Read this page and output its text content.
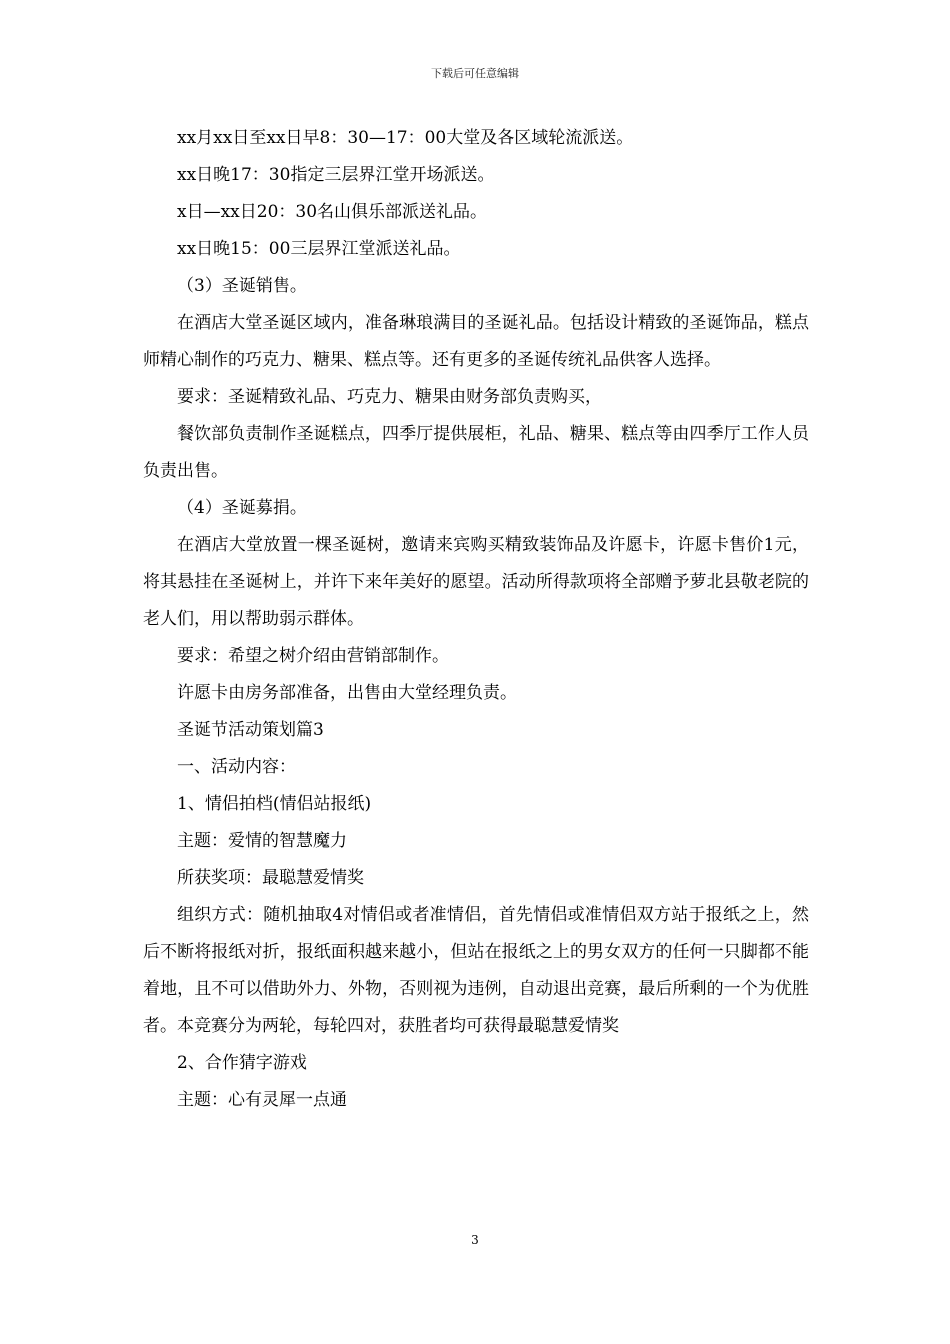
下载后可任意编辑

xx月xx日至xx日早8：30—17：00大堂及各区域轮流派送。

xx日晚17：30指定三层界江堂开场派送。

x日—xx日20：30名山俱乐部派送礼品。

xx日晚15：00三层界江堂派送礼品。

（3）圣诞销售。

在酒店大堂圣诞区域内，准备琳琅满目的圣诞礼品。包括设计精致的圣诞饰品，糕点师精心制作的巧克力、糖果、糕点等。还有更多的圣诞传统礼品供客人选择。

要求：圣诞精致礼品、巧克力、糖果由财务部负责购买，

餐饮部负责制作圣诞糕点，四季厅提供展柜，礼品、糖果、糕点等由四季厅工作人员负责出售。

（4）圣诞募捐。

在酒店大堂放置一棵圣诞树，邀请来宾购买精致装饰品及许愿卡，许愿卡售价1元，将其悬挂在圣诞树上，并许下来年美好的愿望。活动所得款项将全部赠予萝北县敬老院的老人们，用以帮助弱示群体。

要求：希望之树介绍由营销部制作。

许愿卡由房务部准备，出售由大堂经理负责。

圣诞节活动策划篇3

一、活动内容：

1、情侣拍档(情侣站报纸)

主题：爱情的智慧魔力

所获奖项：最聪慧爱情奖

组织方式：随机抽取4对情侣或者准情侣，首先情侣或准情侣双方站于报纸之上，然后不断将报纸对折，报纸面积越来越小，但站在报纸之上的男女双方的任何一只脚都不能着地，且不可以借助外力、外物，否则视为违例，自动退出竞赛，最后所剩的一个为优胜者。本竞赛分为两轮，每轮四对，获胜者均可获得最聪慧爱情奖

2、合作猜字游戏

主题：心有灵犀一点通

3
